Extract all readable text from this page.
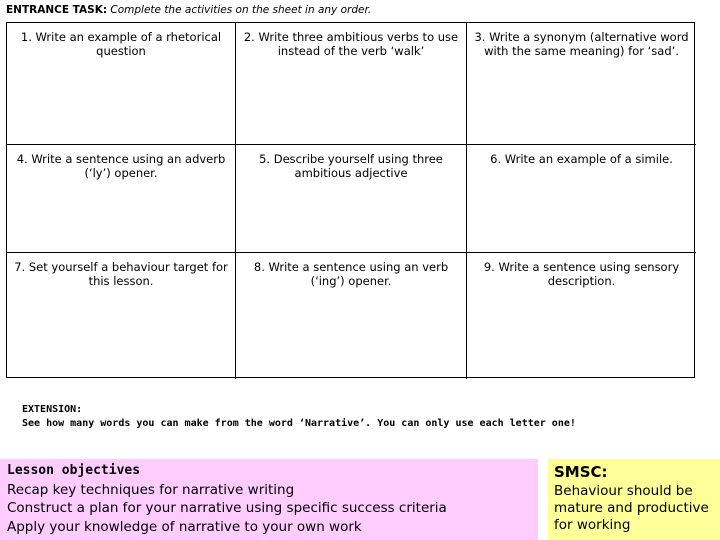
ENTRANCE TASK: Complete the activities on the sheet in any order.
1. Write an example of a rhetorical question
2. Write three ambitious verbs to use instead of the verb ‘walk’
3. Write a synonym (alternative word with the same meaning) for ‘sad’.
4. Write a sentence using an adverb (‘ly’) opener.
5. Describe yourself using three ambitious adjective
6. Write an example of a simile.
7. Set yourself a behaviour target for this lesson.
8. Write a sentence using an verb (‘ing’) opener.
9. Write a sentence using sensory description.
EXTENSION:
See how many words you can make from the word ‘Narrative’. You can only use each letter one!
Lesson objectives
Recap key techniques for narrative writing
Construct a plan for your narrative using specific success criteria
Apply your knowledge of narrative to your own work
SMSC:
Behaviour should be mature and productive for working
